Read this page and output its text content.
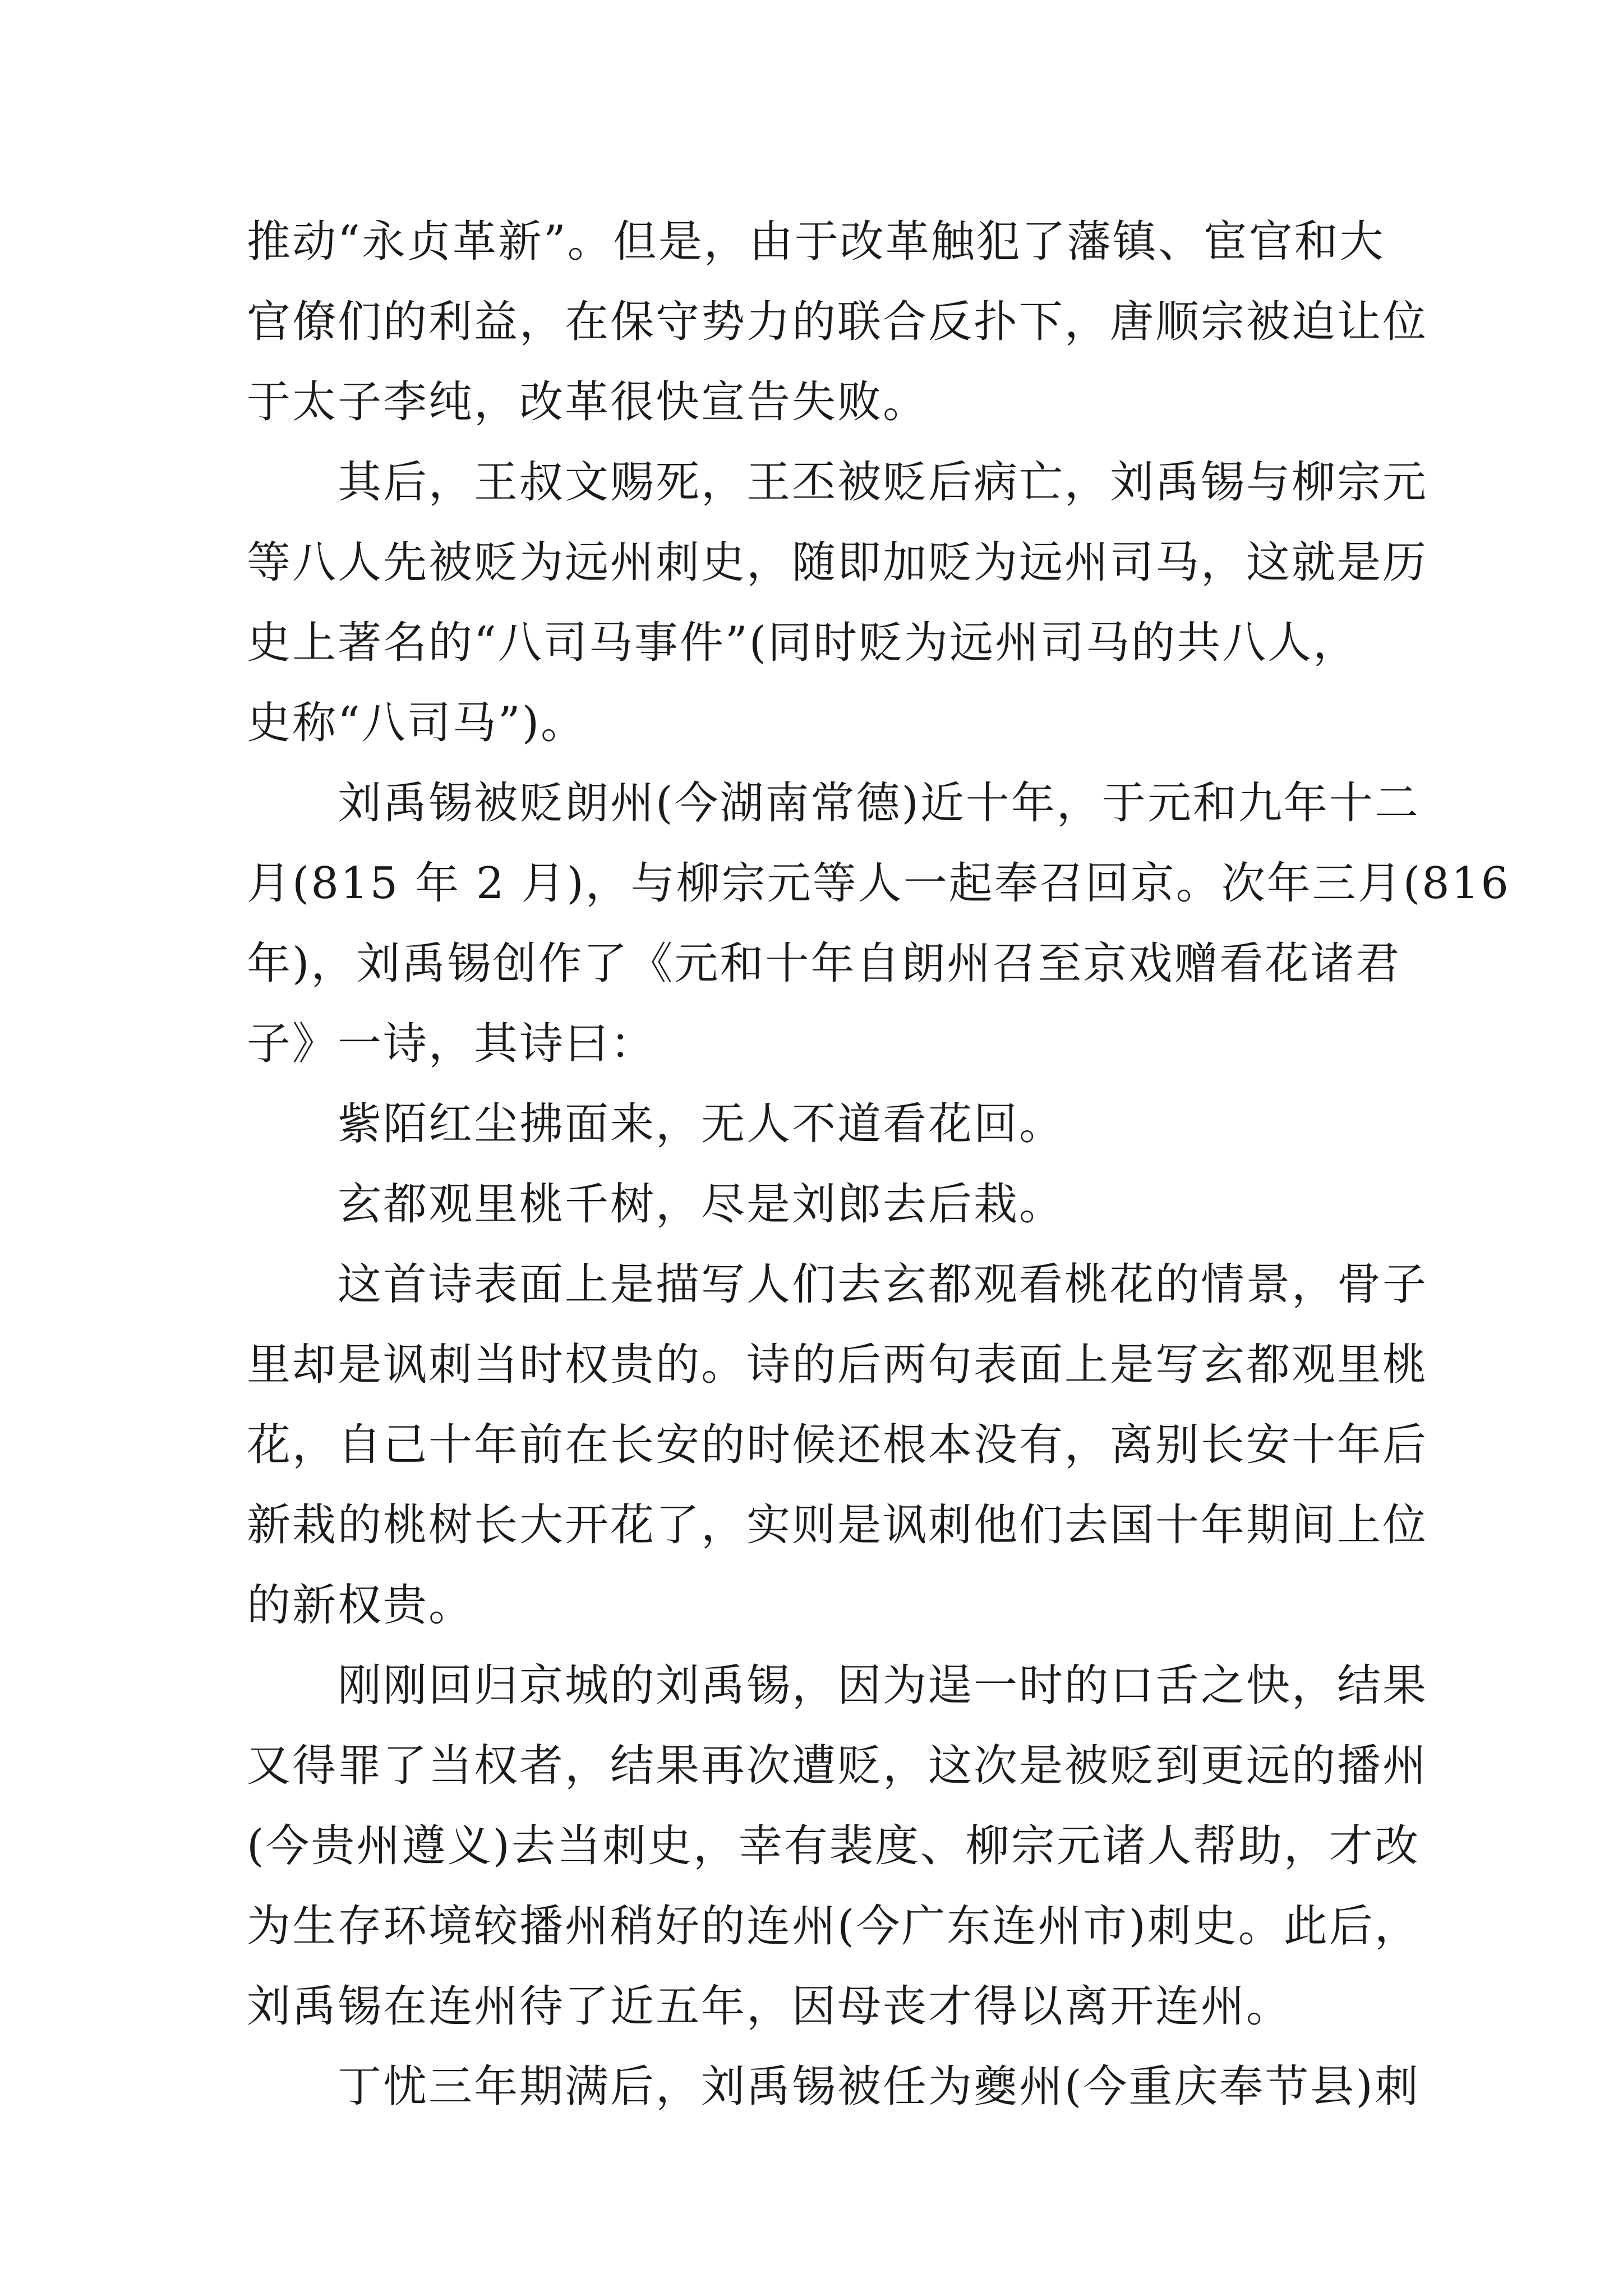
推动“永贞革新”。但是，由于改革触犯了藩镇、宦官和大
官僚们的利益，在保守势力的联合反扑下，唐顺宗被迫让位
于太子李纯，改革很快宣告失败。
　　其后，王叔文赐死，王丕被贬后病亡，刘禹锡与柳宗元
等八人先被贬为远州刺史，随即加贬为远州司马，这就是历
史上著名的“八司马事件”(同时贬为远州司马的共八人，
史称“八司马”)。
　　刘禹锡被贬朗州(今湖南常德)近十年，于元和九年十二
月(815 年 2 月)，与柳宗元等人一起奉召回京。次年三月(816
年)，刘禹锡创作了《元和十年自朗州召至京戏赠看花诸君
子》一诗，其诗曰：
　　紫陌红尘拂面来，无人不道看花回。
　　玄都观里桃千树，尽是刘郎去后栽。
　　这首诗表面上是描写人们去玄都观看桃花的情景，骨子
里却是讽刺当时权贵的。诗的后两句表面上是写玄都观里桃
花，自己十年前在长安的时候还根本没有，离别长安十年后
新栽的桃树长大开花了，实则是讽刺他们去国十年期间上位
的新权贵。
　　刚刚回归京城的刘禹锡，因为逞一时的口舌之快，结果
又得罪了当权者，结果再次遭贬，这次是被贬到更远的播州
(今贵州遵义)去当刺史，幸有裴度、柳宗元诸人帮助，才改
为生存环境较播州稍好的连州(今广东连州市)刺史。此后，
刘禹锡在连州待了近五年，因母丧才得以离开连州。
　　丁忧三年期满后，刘禹锡被任为夔州(今重庆奉节县)刺
